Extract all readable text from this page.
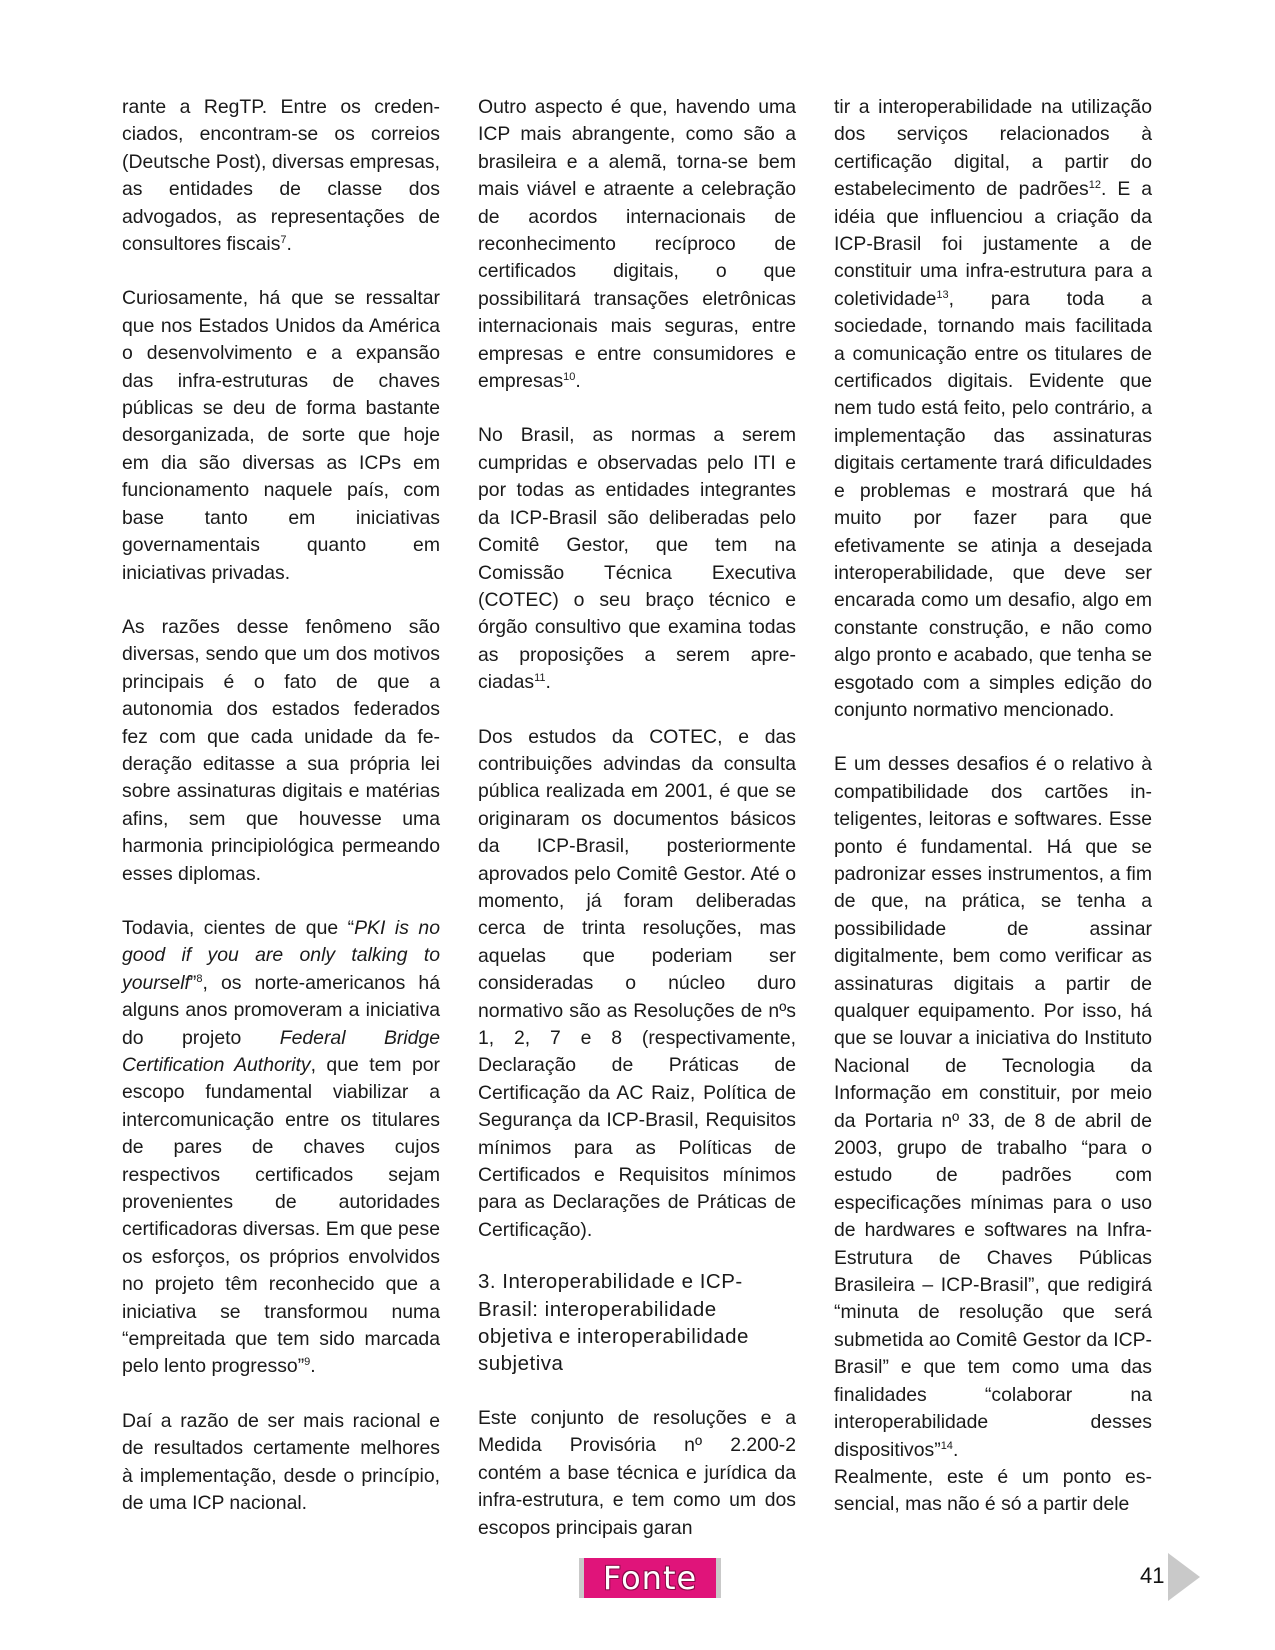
rante a RegTP. Entre os credenciados, encontram-se os correios (Deutsche Post), diversas empresas, as entidades de classe dos advogados, as representações de consultores fiscais$^7$.

Curiosamente, há que se ressaltar que nos Estados Unidos da América o desenvolvimento e a expansão das infra-estruturas de chaves públicas se deu de forma bastante desorganizada, de sorte que hoje em dia são diversas as ICPs em funcionamento naquele país, com base tanto em iniciativas governamentais quanto em iniciativas privadas.

As razões desse fenômeno são diversas, sendo que um dos motivos principais é o fato de que a autonomia dos estados federados fez com que cada unidade da federação editasse a sua própria lei sobre assinaturas digitais e matérias afins, sem que houvesse uma harmonia principiológica permeando esses diplomas.

Todavia, cientes de que “PKI is no good if you are only talking to yourself”$^8$, os norte-americanos há alguns anos promoveram a iniciativa do projeto Federal Bridge Certification Authority, que tem por escopo fundamental viabilizar a intercomunicação entre os titulares de pares de chaves cujos respectivos certificados sejam provenientes de autoridades certificadoras diversas. Em que pese os esforços, os próprios envolvidos no projeto têm reconhecido que a iniciativa se transformou numa “empreitada que tem sido marcada pelo lento progresso”$^9$.

Daí a razão de ser mais racional e de resultados certamente melhores à implementação, desde o princípio, de uma ICP nacional.

Outro aspecto é que, havendo uma ICP mais abrangente, como são a brasileira e a alemã, torna-se bem mais viável e atraente a celebração de acordos internacionais de reconhecimento recíproco de certificados digitais, o que possibilitará transações eletrônicas internacionais mais seguras, entre empresas e entre consumidores e empresas$^{10}$.

No Brasil, as normas a serem cumpridas e observadas pelo ITI e por todas as entidades integrantes da ICP-Brasil são deliberadas pelo Comitê Gestor, que tem na Comissão Técnica Executiva (COTEC) o seu braço técnico e órgão consultivo que examina todas as proposições a serem apreciadas$^{11}$.

Dos estudos da COTEC, e das contribuições advindas da consulta pública realizada em 2001, é que se originaram os documentos básicos da ICP-Brasil, posteriormente aprovados pelo Comitê Gestor. Até o momento, já foram deliberadas cerca de trinta resoluções, mas aquelas que poderiam ser consideradas o núcleo duro normativo são as Resoluções de nºs 1, 2, 7 e 8 (respectivamente, Declaração de Práticas de Certificação da AC Raiz, Política de Segurança da ICP-Brasil, Requisitos mínimos para as Políticas de Certificados e Requisitos mínimos para as Declarações de Práticas de Certificação).

3. Interoperabilidade e ICP-Brasil: interoperabilidade objetiva e interoperabilidade subjetiva

Este conjunto de resoluções e a Medida Provisória nº 2.200-2 contém a base técnica e jurídica da infra-estrutura, e tem como um dos escopos principais garan

tir a interoperabilidade na utilização dos serviços relacionados à certificação digital, a partir do estabelecimento de padrões$^{12}$. E a idéia que influenciou a criação da ICP-Brasil foi justamente a de constituir uma infra-estrutura para a coletividade$^{13}$, para toda a sociedade, tornando mais facilitada a comunicação entre os titulares de certificados digitais. Evidente que nem tudo está feito, pelo contrário, a implementação das assinaturas digitais certamente trará dificuldades e problemas e mostrará que há muito por fazer para que efetivamente se atinja a desejada interoperabilidade, que deve ser encarada como um desafio, algo em constante construção, e não como algo pronto e acabado, que tenha se esgotado com a simples edição do conjunto normativo mencionado.

E um desses desafios é o relativo à compatibilidade dos cartões inteligentes, leitoras e softwares. Esse ponto é fundamental. Há que se padronizar esses instrumentos, a fim de que, na prática, se tenha a possibilidade de assinar digitalmente, bem como verificar as assinaturas digitais a partir de qualquer equipamento. Por isso, há que se louvar a iniciativa do Instituto Nacional de Tecnologia da Informação em constituir, por meio da Portaria nº 33, de 8 de abril de 2003, grupo de trabalho “para o estudo de padrões com especificações mínimas para o uso de hardwares e softwares na Infra-Estrutura de Chaves Públicas Brasileira – ICP-Brasil”, que redigirá “minuta de resolução que será submetida ao Comitê Gestor da ICP-Brasil” e que tem como uma das finalidades “colaborar na interoperabilidade desses dispositivos”$^{14}$.

Realmente, este é um ponto essencial, mas não é só a partir dele

Fonte	41
